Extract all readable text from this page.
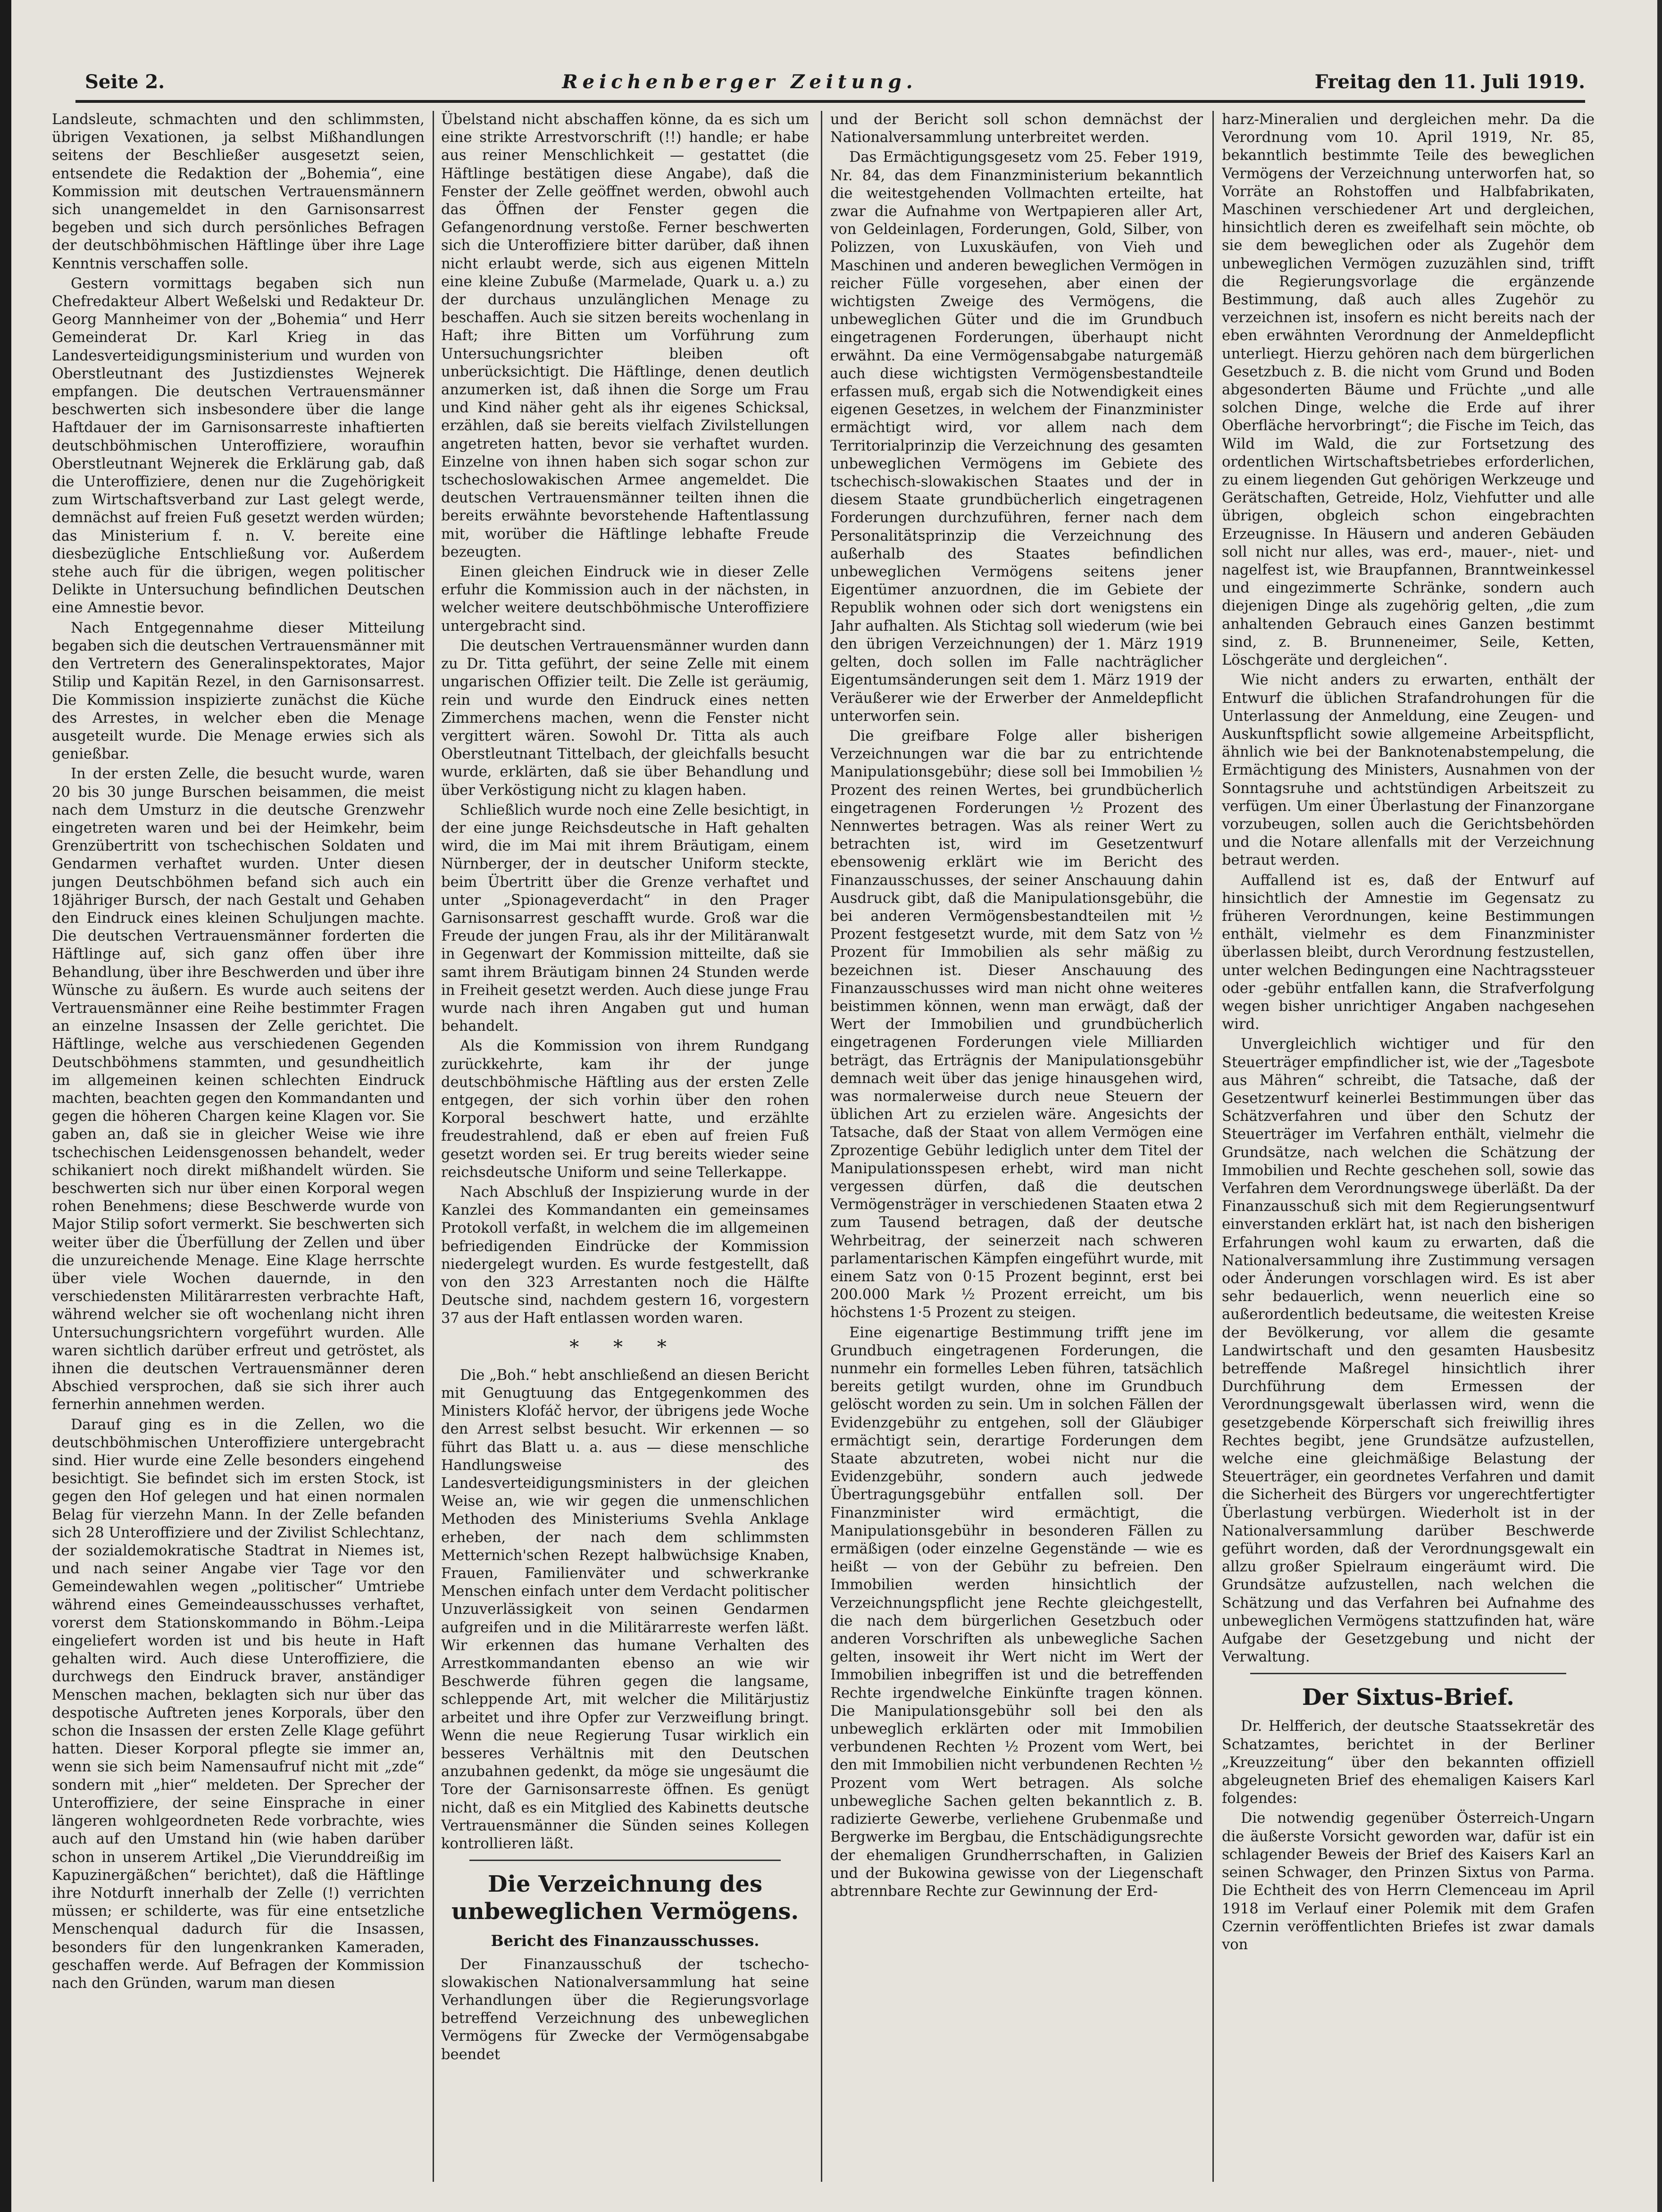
Seite 2.	Reichenberger Zeitung.	Freitag den 11. Juli 1919.

Landsleute, schmachten und den schlimmsten, übrigen Vexationen, ja selbst Mißhandlungen seitens der Beschließer ausgesetzt seien, entsendete die Redaktion der „Bohemia“, eine Kommission mit deutschen Vertrauensmännern sich unangemeldet in den Garnisonsarrest begeben und sich durch persönliches Befragen der deutschböhmischen Häftlinge über ihre Lage Kenntnis verschaffen solle.

Gestern vormittags begaben sich nun Chefredakteur Albert Weßelski und Redakteur Dr. Georg Mannheimer von der „Bohemia“ und Herr Gemeinderat Dr. Karl Krieg in das Landesverteidigungsministerium und wurden von Oberstleutnant des Justizdienstes Wejnerek empfangen. Die deutschen Vertrauensmänner beschwerten sich insbesondere über die lange Haftdauer der im Garnisonsarreste inhaftierten deutschböhmischen Unteroffiziere, woraufhin Oberstleutnant Wejnerek die Erklärung gab, daß die Unteroffiziere, denen nur die Zugehörigkeit zum Wirtschaftsverband zur Last gelegt werde, demnächst auf freien Fuß gesetzt werden würden; das Ministerium f. n. V. bereite eine diesbezügliche Entschließung vor. Außerdem stehe auch für die übrigen, wegen politischer Delikte in Untersuchung befindlichen Deutschen eine Amnestie bevor.

Nach Entgegennahme dieser Mitteilung begaben sich die deutschen Vertrauensmänner mit den Vertretern des Generalinspektorates, Major Stilip und Kapitän Rezel, in den Garnisonsarrest. Die Kommission inspizierte zunächst die Küche des Arrestes, in welcher eben die Menage ausgeteilt wurde. Die Menage erwies sich als genießbar.

In der ersten Zelle, die besucht wurde, waren 20 bis 30 junge Burschen beisammen, die meist nach dem Umsturz in die deutsche Grenzwehr eingetreten waren und bei der Heimkehr, beim Grenzübertritt von tschechischen Soldaten und Gendarmen verhaftet wurden. Unter diesen jungen Deutschböhmen befand sich auch ein 18jähriger Bursch, der nach Gestalt und Gehaben den Eindruck eines kleinen Schuljungen machte. Die deutschen Vertrauensmänner forderten die Häftlinge auf, sich ganz offen über ihre Behandlung, über ihre Beschwerden und über ihre Wünsche zu äußern. Es wurde auch seitens der Vertrauensmänner eine Reihe bestimmter Fragen an einzelne Insassen der Zelle gerichtet. Die Häftlinge, welche aus verschiedenen Gegenden Deutschböhmens stammten, und gesundheitlich im allgemeinen keinen schlechten Eindruck machten, beachten gegen den Kommandanten und gegen die höheren Chargen keine Klagen vor. Sie gaben an, daß sie in gleicher Weise wie ihre tschechischen Leidensgenossen behandelt, weder schikaniert noch direkt mißhandelt würden. Sie beschwerten sich nur über einen Korporal wegen rohen Benehmens; diese Beschwerde wurde von Major Stilip sofort vermerkt. Sie beschwerten sich weiter über die Überfüllung der Zellen und über die unzureichende Menage. Eine Klage herrschte über viele Wochen dauernde, in den verschiedensten Militärarresten verbrachte Haft, während welcher sie oft wochenlang nicht ihren Untersuchungsrichtern vorgeführt wurden. Alle waren sichtlich darüber erfreut und getröstet, als ihnen die deutschen Vertrauensmänner deren Abschied versprochen, daß sie sich ihrer auch fernerhin annehmen werden.

Darauf ging es in die Zellen, wo die deutschböhmischen Unteroffiziere untergebracht sind. Hier wurde eine Zelle besonders eingehend besichtigt. Sie befindet sich im ersten Stock, ist gegen den Hof gelegen und hat einen normalen Belag für vierzehn Mann. In der Zelle befanden sich 28 Unteroffiziere und der Zivilist Schlechtanz, der sozialdemokratische Stadtrat in Niemes ist, und nach seiner Angabe vier Tage vor den Gemeindewahlen wegen „politischer“ Umtriebe während eines Gemeindeausschusses verhaftet, vorerst dem Stationskommando in Böhm.-Leipa eingeliefert worden ist und bis heute in Haft gehalten wird. Auch diese Unteroffiziere, die durchwegs den Eindruck braver, anständiger Menschen machen, beklagten sich nur über das despotische Auftreten jenes Korporals, über den schon die Insassen der ersten Zelle Klage geführt hatten. Dieser Korporal pflegte sie immer an, wenn sie sich beim Namensaufruf nicht mit „zde“ sondern mit „hier“ meldeten. Der Sprecher der Unteroffiziere, der seine Einsprache in einer längeren wohlgeordneten Rede vorbrachte, wies auch auf den Umstand hin (wie haben darüber schon in unserem Artikel „Die Vierunddreißig im Kapuzinergäßchen“ berichtet), daß die Häftlinge ihre Notdurft innerhalb der Zelle (!) verrichten müssen; er schilderte, was für eine entsetzliche Menschenqual dadurch für die Insassen, besonders für den lungenkranken Kameraden, geschaffen werde. Auf Befragen der Kommission nach den Gründen, warum man diesen

Übelstand nicht abschaffen könne, da es sich um eine strikte Arrestvorschrift (!!) handle; er habe aus reiner Menschlichkeit — gestattet (die Häftlinge bestätigen diese Angabe), daß die Fenster der Zelle geöffnet werden, obwohl auch das Öffnen der Fenster gegen die Gefangenordnung verstoße. Ferner beschwerten sich die Unteroffiziere bitter darüber, daß ihnen nicht erlaubt werde, sich aus eigenen Mitteln eine kleine Zubuße (Marmelade, Quark u. a.) zu der durchaus unzulänglichen Menage zu beschaffen. Auch sie sitzen bereits wochenlang in Haft; ihre Bitten um Vorführung zum Untersuchungsrichter bleiben oft unberücksichtigt. Die Häftlinge, denen deutlich anzumerken ist, daß ihnen die Sorge um Frau und Kind näher geht als ihr eigenes Schicksal, erzählen, daß sie bereits vielfach Zivilstellungen angetreten hatten, bevor sie verhaftet wurden. Einzelne von ihnen haben sich sogar schon zur tschechoslowakischen Armee angemeldet. Die deutschen Vertrauensmänner teilten ihnen die bereits erwähnte bevorstehende Haftentlassung mit, worüber die Häftlinge lebhafte Freude bezeugten.

Einen gleichen Eindruck wie in dieser Zelle erfuhr die Kommission auch in der nächsten, in welcher weitere deutschböhmische Unteroffiziere untergebracht sind.

Die deutschen Vertrauensmänner wurden dann zu Dr. Titta geführt, der seine Zelle mit einem ungarischen Offizier teilt. Die Zelle ist geräumig, rein und wurde den Eindruck eines netten Zimmerchens machen, wenn die Fenster nicht vergittert wären. Sowohl Dr. Titta als auch Oberstleutnant Tittelbach, der gleichfalls besucht wurde, erklärten, daß sie über Behandlung und über Verköstigung nicht zu klagen haben.

Schließlich wurde noch eine Zelle besichtigt, in der eine junge Reichsdeutsche in Haft gehalten wird, die im Mai mit ihrem Bräutigam, einem Nürnberger, der in deutscher Uniform steckte, beim Übertritt über die Grenze verhaftet und unter „Spionageverdacht“ in den Prager Garnisonsarrest geschafft wurde. Groß war die Freude der jungen Frau, als ihr der Militäranwalt in Gegenwart der Kommission mitteilte, daß sie samt ihrem Bräutigam binnen 24 Stunden werde in Freiheit gesetzt werden. Auch diese junge Frau wurde nach ihren Angaben gut und human behandelt.

Als die Kommission von ihrem Rundgang zurückkehrte, kam ihr der junge deutschböhmische Häftling aus der ersten Zelle entgegen, der sich vorhin über den rohen Korporal beschwert hatte, und erzählte freudestrahlend, daß er eben auf freien Fuß gesetzt worden sei. Er trug bereits wieder seine reichsdeutsche Uniform und seine Tellerkappe.

Nach Abschluß der Inspizierung wurde in der Kanzlei des Kommandanten ein gemeinsames Protokoll verfaßt, in welchem die im allgemeinen befriedigenden Eindrücke der Kommission niedergelegt wurden. Es wurde festgestellt, daß von den 323 Arrestanten noch die Hälfte Deutsche sind, nachdem gestern 16, vorgestern 37 aus der Haft entlassen worden waren.

* * *

Die „Boh.“ hebt anschließend an diesen Bericht mit Genugtuung das Entgegenkommen des Ministers Klofáč hervor, der übrigens jede Woche den Arrest selbst besucht. Wir erkennen — so führt das Blatt u. a. aus — diese menschliche Handlungsweise des Landesverteidigungsministers in der gleichen Weise an, wie wir gegen die unmenschlichen Methoden des Ministeriums Svehla Anklage erheben, der nach dem schlimmsten Metternich'schen Rezept halbwüchsige Knaben, Frauen, Familienväter und schwerkranke Menschen einfach unter dem Verdacht politischer Unzuverlässigkeit von seinen Gendarmen aufgreifen und in die Militärarreste werfen läßt. Wir erkennen das humane Verhalten des Arrestkommandanten ebenso an wie wir Beschwerde führen gegen die langsame, schleppende Art, mit welcher die Militärjustiz arbeitet und ihre Opfer zur Verzweiflung bringt. Wenn die neue Regierung Tusar wirklich ein besseres Verhältnis mit den Deutschen anzubahnen gedenkt, da möge sie ungesäumt die Tore der Garnisonsarreste öffnen. Es genügt nicht, daß es ein Mitglied des Kabinetts deutsche Vertrauensmänner die Sünden seines Kollegen kontrollieren läßt.

Die Verzeichnung des unbeweglichen Vermögens.
Bericht des Finanzausschusses.

Der Finanzausschuß der tschecho-slowakischen Nationalversammlung hat seine Verhandlungen über die Regierungsvorlage betreffend Verzeichnung des unbeweglichen Vermögens für Zwecke der Vermögensabgabe beendet

und der Bericht soll schon demnächst der Nationalversammlung unterbreitet werden.

Das Ermächtigungsgesetz vom 25. Feber 1919, Nr. 84, das dem Finanzministerium bekanntlich die weitestgehenden Vollmachten erteilte, hat zwar die Aufnahme von Wertpapieren aller Art, von Geldeinlagen, Forderungen, Gold, Silber, von Polizzen, von Luxuskäufen, von Vieh und Maschinen und anderen beweglichen Vermögen in reicher Fülle vorgesehen, aber einen der wichtigsten Zweige des Vermögens, die unbeweglichen Güter und die im Grundbuch eingetragenen Forderungen, überhaupt nicht erwähnt. Da eine Vermögensabgabe naturgemäß auch diese wichtigsten Vermögensbestandteile erfassen muß, ergab sich die Notwendigkeit eines eigenen Gesetzes, in welchem der Finanzminister ermächtigt wird, vor allem nach dem Territorialprinzip die Verzeichnung des gesamten unbeweglichen Vermögens im Gebiete des tschechisch-slowakischen Staates und der in diesem Staate grundbücherlich eingetragenen Forderungen durchzuführen, ferner nach dem Personalitätsprinzip die Verzeichnung des außerhalb des Staates befindlichen unbeweglichen Vermögens seitens jener Eigentümer anzuordnen, die im Gebiete der Republik wohnen oder sich dort wenigstens ein Jahr aufhalten. Als Stichtag soll wiederum (wie bei den übrigen Verzeichnungen) der 1. März 1919 gelten, doch sollen im Falle nachträglicher Eigentumsänderungen seit dem 1. März 1919 der Veräußerer wie der Erwerber der Anmeldepflicht unterworfen sein.

Die greifbare Folge aller bisherigen Verzeichnungen war die bar zu entrichtende Manipulationsgebühr; diese soll bei Immobilien ½ Prozent des reinen Wertes, bei grundbücherlich eingetragenen Forderungen ½ Prozent des Nennwertes betragen. Was als reiner Wert zu betrachten ist, wird im Gesetzentwurf ebensowenig erklärt wie im Bericht des Finanzausschusses, der seiner Anschauung dahin Ausdruck gibt, daß die Manipulationsgebühr, die bei anderen Vermögensbestandteilen mit ½ Prozent festgesetzt wurde, mit dem Satz von ½ Prozent für Immobilien als sehr mäßig zu bezeichnen ist. Dieser Anschauung des Finanzausschusses wird man nicht ohne weiteres beistimmen können, wenn man erwägt, daß der Wert der Immobilien und grundbücherlich eingetragenen Forderungen viele Milliarden beträgt, das Erträgnis der Manipulationsgebühr demnach weit über das jenige hinausgehen wird, was normalerweise durch neue Steuern der üblichen Art zu erzielen wäre. Angesichts der Tatsache, daß der Staat von allem Vermögen eine Zprozentige Gebühr lediglich unter dem Titel der Manipulationsspesen erhebt, wird man nicht vergessen dürfen, daß die deutschen Vermögensträger in verschiedenen Staaten etwa 2 zum Tausend betragen, daß der deutsche Wehrbeitrag, der seinerzeit nach schweren parlamentarischen Kämpfen eingeführt wurde, mit einem Satz von 0·15 Prozent beginnt, erst bei 200.000 Mark ½ Prozent erreicht, um bis höchstens 1·5 Prozent zu steigen.

Eine eigenartige Bestimmung trifft jene im Grundbuch eingetragenen Forderungen, die nunmehr ein formelles Leben führen, tatsächlich bereits getilgt wurden, ohne im Grundbuch gelöscht worden zu sein. Um in solchen Fällen der Evidenzgebühr zu entgehen, soll der Gläubiger ermächtigt sein, derartige Forderungen dem Staate abzutreten, wobei nicht nur die Evidenzgebühr, sondern auch jedwede Übertragungsgebühr entfallen soll. Der Finanzminister wird ermächtigt, die Manipulationsgebühr in besonderen Fällen zu ermäßigen (oder einzelne Gegenstände — wie es heißt — von der Gebühr zu befreien. Den Immobilien werden hinsichtlich der Verzeichnungspflicht jene Rechte gleichgestellt, die nach dem bürgerlichen Gesetzbuch oder anderen Vorschriften als unbewegliche Sachen gelten, insoweit ihr Wert nicht im Wert der Immobilien inbegriffen ist und die betreffenden Rechte irgendwelche Einkünfte tragen können. Die Manipulationsgebühr soll bei den als unbeweglich erklärten oder mit Immobilien verbundenen Rechten ½ Prozent vom Wert, bei den mit Immobilien nicht verbundenen Rechten ½ Prozent vom Wert betragen. Als solche unbewegliche Sachen gelten bekanntlich z. B. radizierte Gewerbe, verliehene Grubenmaße und Bergwerke im Bergbau, die Entschädigungsrechte der ehemaligen Grundherrschaften, in Galizien und der Bukowina gewisse von der Liegenschaft abtrennbare Rechte zur Gewinnung der Erd-

harz-Mineralien und dergleichen mehr. Da die Verordnung vom 10. April 1919, Nr. 85, bekanntlich bestimmte Teile des beweglichen Vermögens der Verzeichnung unterworfen hat, so Vorräte an Rohstoffen und Halbfabrikaten, Maschinen verschiedener Art und dergleichen, hinsichtlich deren es zweifelhaft sein möchte, ob sie dem beweglichen oder als Zugehör dem unbeweglichen Vermögen zuzuzählen sind, trifft die Regierungsvorlage die ergänzende Bestimmung, daß auch alles Zugehör zu verzeichnen ist, insofern es nicht bereits nach der eben erwähnten Verordnung der Anmeldepflicht unterliegt. Hierzu gehören nach dem bürgerlichen Gesetzbuch z. B. die nicht vom Grund und Boden abgesonderten Bäume und Früchte „und alle solchen Dinge, welche die Erde auf ihrer Oberfläche hervorbringt“; die Fische im Teich, das Wild im Wald, die zur Fortsetzung des ordentlichen Wirtschaftsbetriebes erforderlichen, zu einem liegenden Gut gehörigen Werkzeuge und Gerätschaften, Getreide, Holz, Viehfutter und alle übrigen, obgleich schon eingebrachten Erzeugnisse. In Häusern und anderen Gebäuden soll nicht nur alles, was erd-, mauer-, niet- und nagelfest ist, wie Braupfannen, Branntweinkessel und eingezimmerte Schränke, sondern auch diejenigen Dinge als zugehörig gelten, „die zum anhaltenden Gebrauch eines Ganzen bestimmt sind, z. B. Brunneneimer, Seile, Ketten, Löschgeräte und dergleichen“.

Wie nicht anders zu erwarten, enthält der Entwurf die üblichen Strafandrohungen für die Unterlassung der Anmeldung, eine Zeugen- und Auskunftspflicht sowie allgemeine Arbeitspflicht, ähnlich wie bei der Banknotenabstempelung, die Ermächtigung des Ministers, Ausnahmen von der Sonntagsruhe und achtstündigen Arbeitszeit zu verfügen. Um einer Überlastung der Finanzorgane vorzubeugen, sollen auch die Gerichtsbehörden und die Notare allenfalls mit der Verzeichnung betraut werden.

Auffallend ist es, daß der Entwurf auf hinsichtlich der Amnestie im Gegensatz zu früheren Verordnungen, keine Bestimmungen enthält, vielmehr es dem Finanzminister überlassen bleibt, durch Verordnung festzustellen, unter welchen Bedingungen eine Nachtragssteuer oder -gebühr entfallen kann, die Strafverfolgung wegen bisher unrichtiger Angaben nachgesehen wird.

Unvergleichlich wichtiger und für den Steuerträger empfindlicher ist, wie der „Tagesbote aus Mähren“ schreibt, die Tatsache, daß der Gesetzentwurf keinerlei Bestimmungen über das Schätzverfahren und über den Schutz der Steuerträger im Verfahren enthält, vielmehr die Grundsätze, nach welchen die Schätzung der Immobilien und Rechte geschehen soll, sowie das Verfahren dem Verordnungswege überläßt. Da der Finanzausschuß sich mit dem Regierungsentwurf einverstanden erklärt hat, ist nach den bisherigen Erfahrungen wohl kaum zu erwarten, daß die Nationalversammlung ihre Zustimmung versagen oder Änderungen vorschlagen wird. Es ist aber sehr bedauerlich, wenn neuerlich eine so außerordentlich bedeutsame, die weitesten Kreise der Bevölkerung, vor allem die gesamte Landwirtschaft und den gesamten Hausbesitz betreffende Maßregel hinsichtlich ihrer Durchführung dem Ermessen der Verordnungsgewalt überlassen wird, wenn die gesetzgebende Körperschaft sich freiwillig ihres Rechtes begibt, jene Grundsätze aufzustellen, welche eine gleichmäßige Belastung der Steuerträger, ein geordnetes Verfahren und damit die Sicherheit des Bürgers vor ungerechtfertigter Überlastung verbürgen. Wiederholt ist in der Nationalversammlung darüber Beschwerde geführt worden, daß der Verordnungsgewalt ein allzu großer Spielraum eingeräumt wird. Die Grundsätze aufzustellen, nach welchen die Schätzung und das Verfahren bei Aufnahme des unbeweglichen Vermögens stattzufinden hat, wäre Aufgabe der Gesetzgebung und nicht der Verwaltung.

Der Sixtus-Brief.

Dr. Helfferich, der deutsche Staatssekretär des Schatzamtes, berichtet in der Berliner „Kreuzzeitung“ über den bekannten offiziell abgeleugneten Brief des ehemaligen Kaisers Karl folgendes:

Die notwendig gegenüber Österreich-Ungarn die äußerste Vorsicht geworden war, dafür ist ein schlagender Beweis der Brief des Kaisers Karl an seinen Schwager, den Prinzen Sixtus von Parma. Die Echtheit des von Herrn Clemenceau im April 1918 im Verlauf einer Polemik mit dem Grafen Czernin veröffentlichten Briefes ist zwar damals von
